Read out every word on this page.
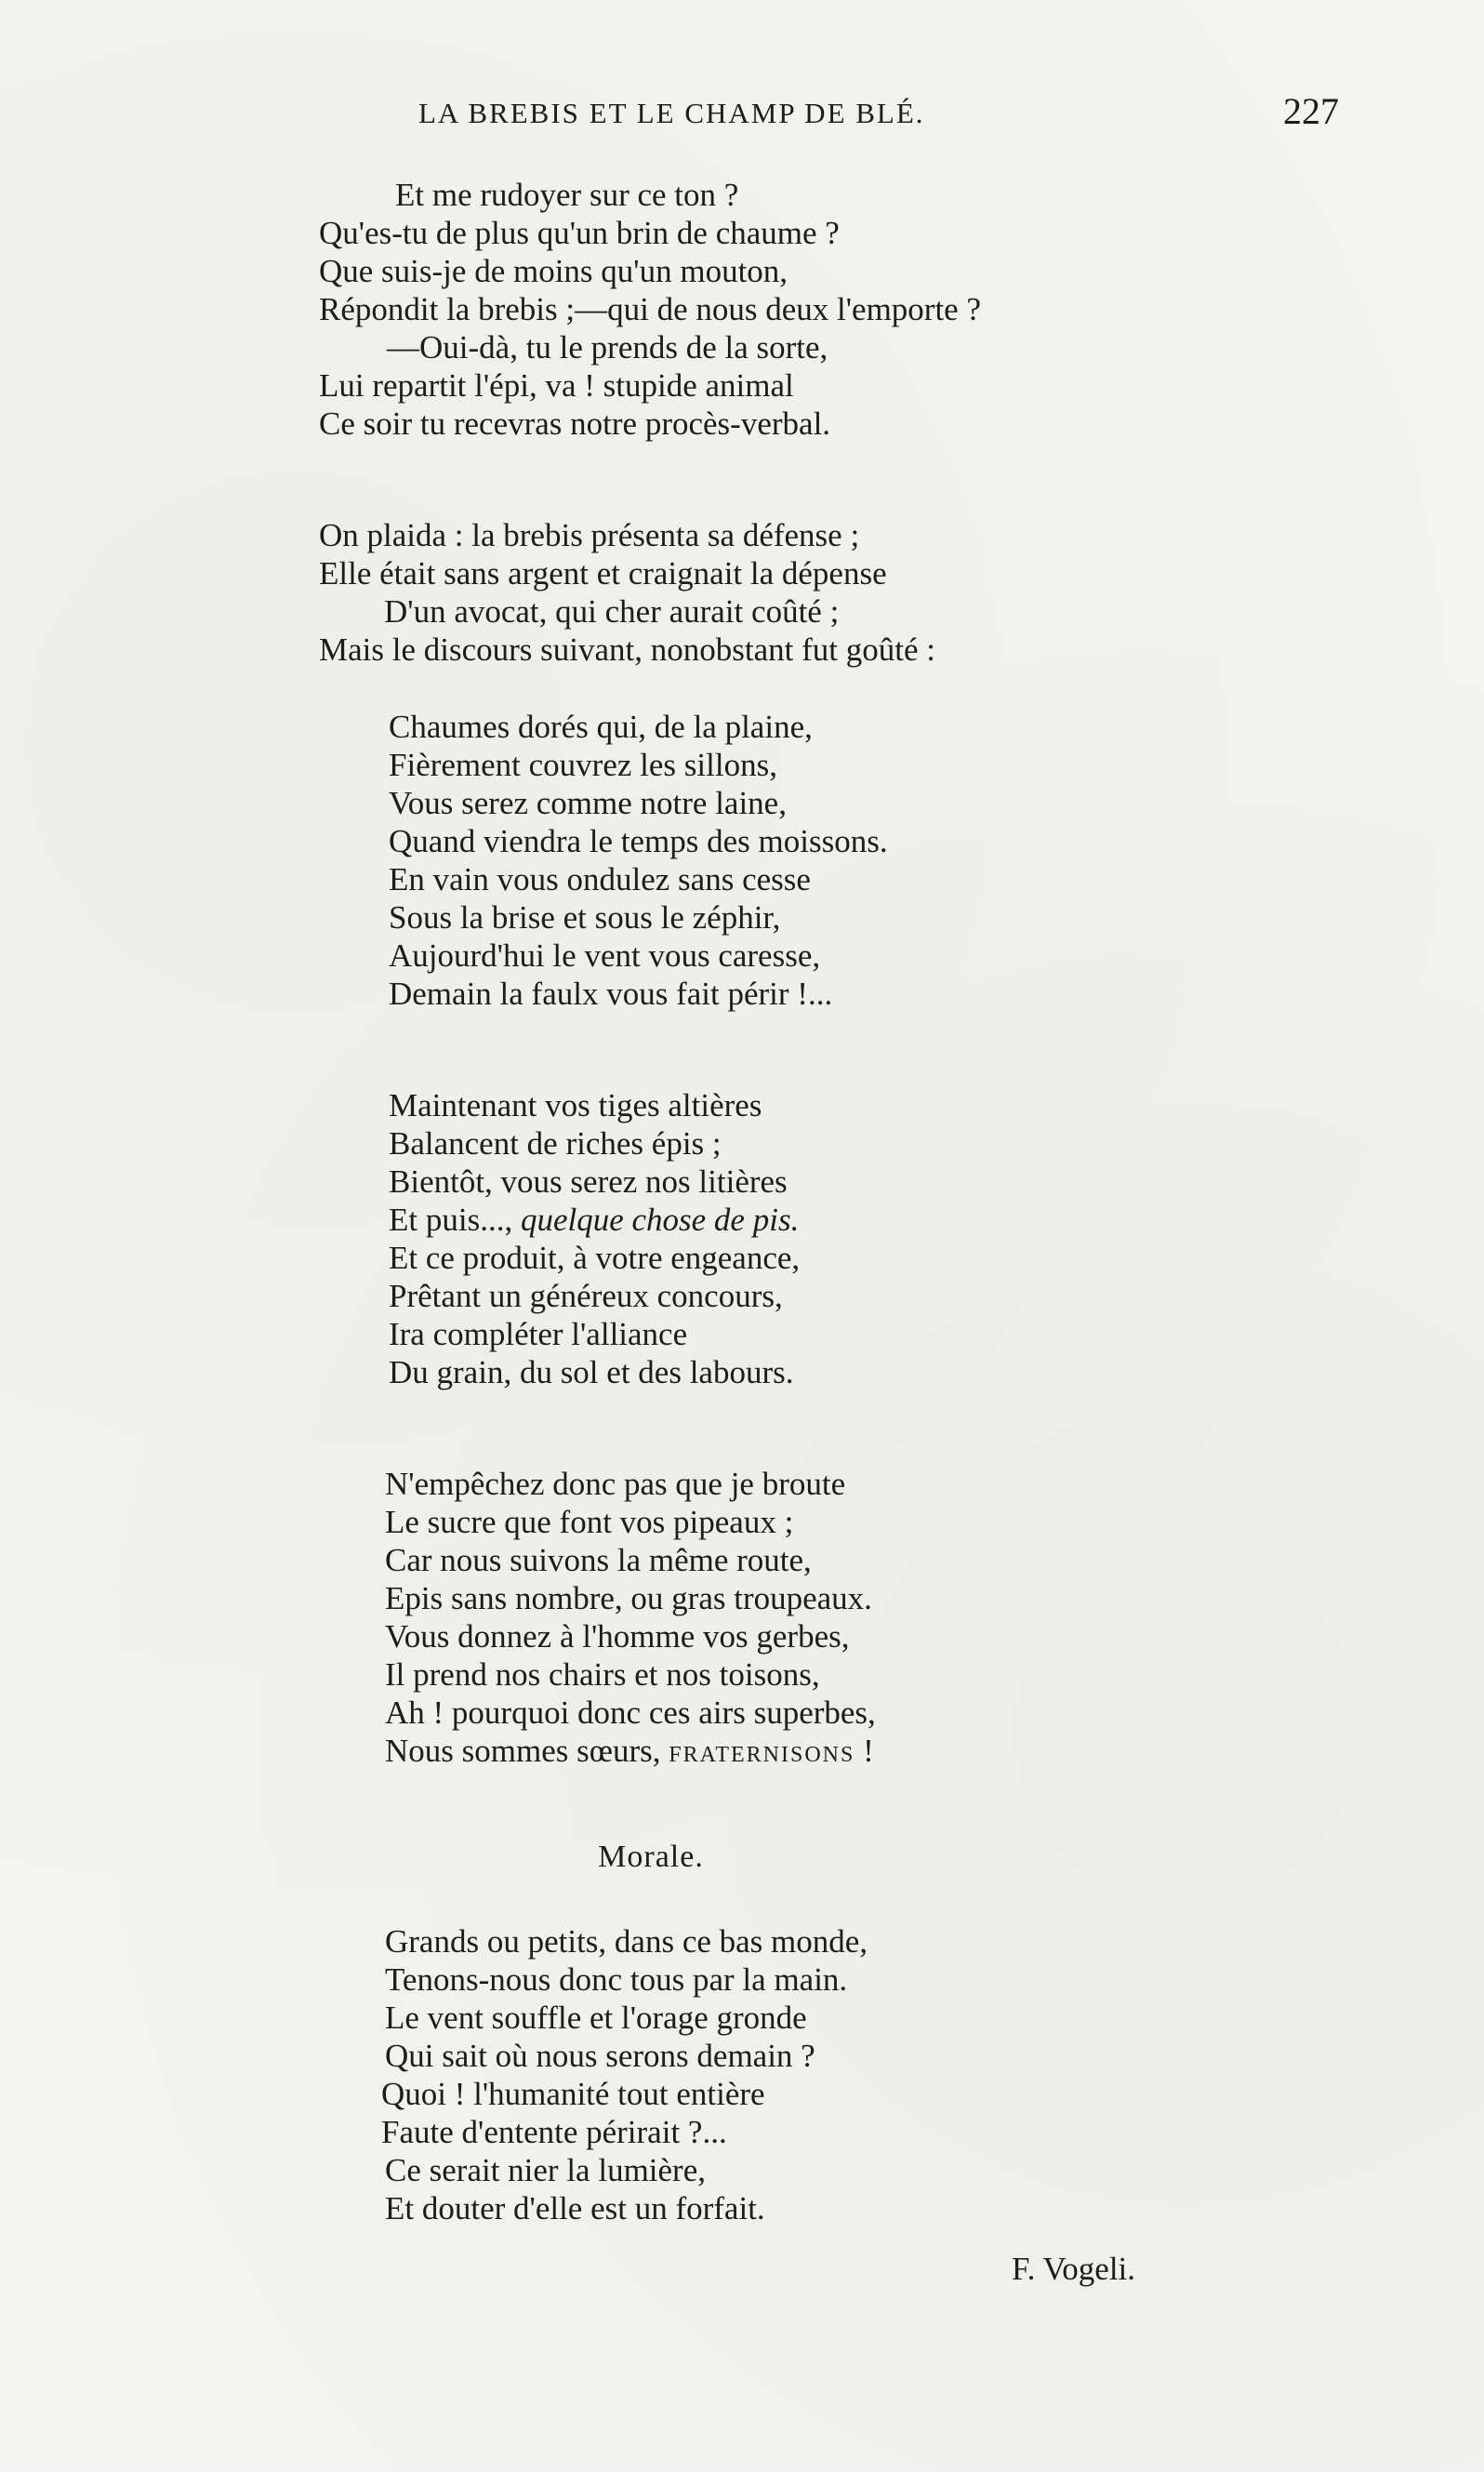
LA BREBIS ET LE CHAMP DE BLÉ.	227
Et me rudoyer sur ce ton ?
Qu'es-tu de plus qu'un brin de chaume ?
Que suis-je de moins qu'un mouton,
Répondit la brebis ;—qui de nous deux l'emporte ?
—Oui-dà, tu le prends de la sorte,
Lui repartit l'épi, va ! stupide animal
Ce soir tu recevras notre procès-verbal.
On plaida : la brebis présenta sa défense ;
Elle était sans argent et craignait la dépense
D'un avocat, qui cher aurait coûté ;
Mais le discours suivant, nonobstant fut goûté :
Chaumes dorés qui, de la plaine,
Fièrement couvrez les sillons,
Vous serez comme notre laine,
Quand viendra le temps des moissons.
En vain vous ondulez sans cesse
Sous la brise et sous le zéphir,
Aujourd'hui le vent vous caresse,
Demain la faulx vous fait périr !...
Maintenant vos tiges altières
Balancent de riches épis ;
Bientôt, vous serez nos litières
Et puis..., quelque chose de pis.
Et ce produit, à votre engeance,
Prêtant un généreux concours,
Ira compléter l'alliance
Du grain, du sol et des labours.
N'empêchez donc pas que je broute
Le sucre que font vos pipeaux ;
Car nous suivons la même route,
Epis sans nombre, ou gras troupeaux.
Vous donnez à l'homme vos gerbes,
Il prend nos chairs et nos toisons,
Ah ! pourquoi donc ces airs superbes,
Nous sommes sœurs, FRATERNISONS !
Morale.
Grands ou petits, dans ce bas monde,
Tenons-nous donc tous par la main.
Le vent souffle et l'orage gronde
Qui sait où nous serons demain ?
Quoi ! l'humanité tout entière
Faute d'entente périrait ?...
Ce serait nier la lumière,
Et douter d'elle est un forfait.
F. Vogeli.
